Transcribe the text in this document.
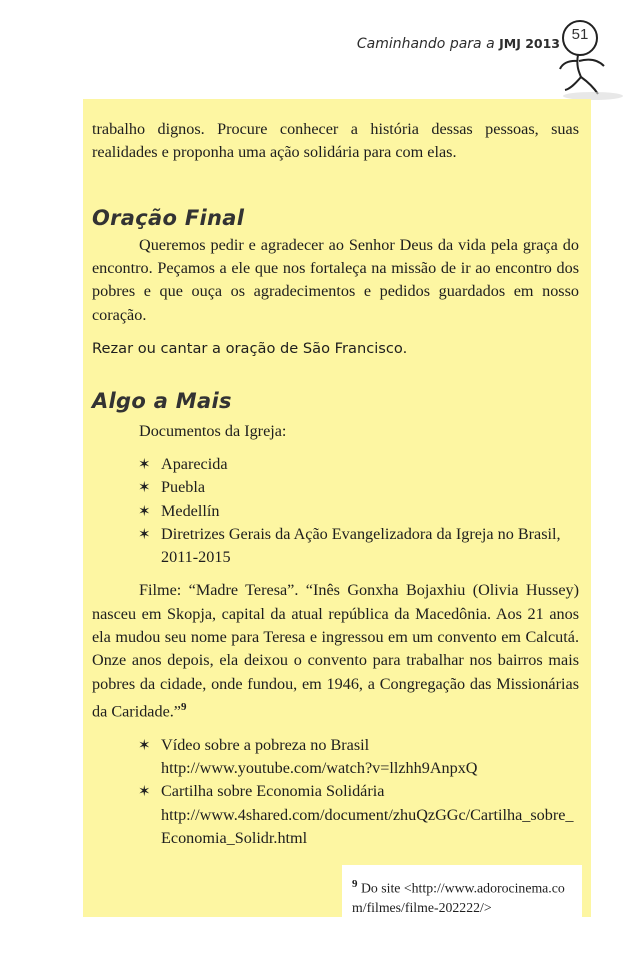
Caminhando para a JMJ 2013
51

trabalho dignos. Procure conhecer a história dessas pessoas, suas realidades e proponha uma ação solidária para com elas.

Oração Final

Queremos pedir e agradecer ao Senhor Deus da vida pela graça do encontro. Peçamos a ele que nos fortaleça na missão de ir ao encontro dos pobres e que ouça os agradecimentos e pedidos guardados em nosso coração.

Rezar ou cantar a oração de São Francisco.

Algo a Mais

Documentos da Igreja:

✶ Aparecida
✶ Puebla
✶ Medellín
✶ Diretrizes Gerais da Ação Evangelizadora da Igreja no Brasil, 2011-2015

Filme: “Madre Teresa”. “Inês Gonxha Bojaxhiu (Olivia Hussey) nasceu em Skopja, capital da atual república da Macedônia. Aos 21 anos ela mudou seu nome para Teresa e ingressou em um convento em Calcutá. Onze anos depois, ela deixou o convento para trabalhar nos bairros mais pobres da cidade, onde fundou, em 1946, a Congregação das Missionárias da Caridade.”$^9$

✶ Vídeo sobre a pobreza no Brasil
http://www.youtube.com/watch?v=llzhh9AnpxQ
✶ Cartilha sobre Economia Solidária
http://www.4shared.com/document/zhuQzGGc/Cartilha_sobre_Economia_Solidr.html
$^9$ Do site <http://www.adorocinema.com/filmes/filme-202222/>
